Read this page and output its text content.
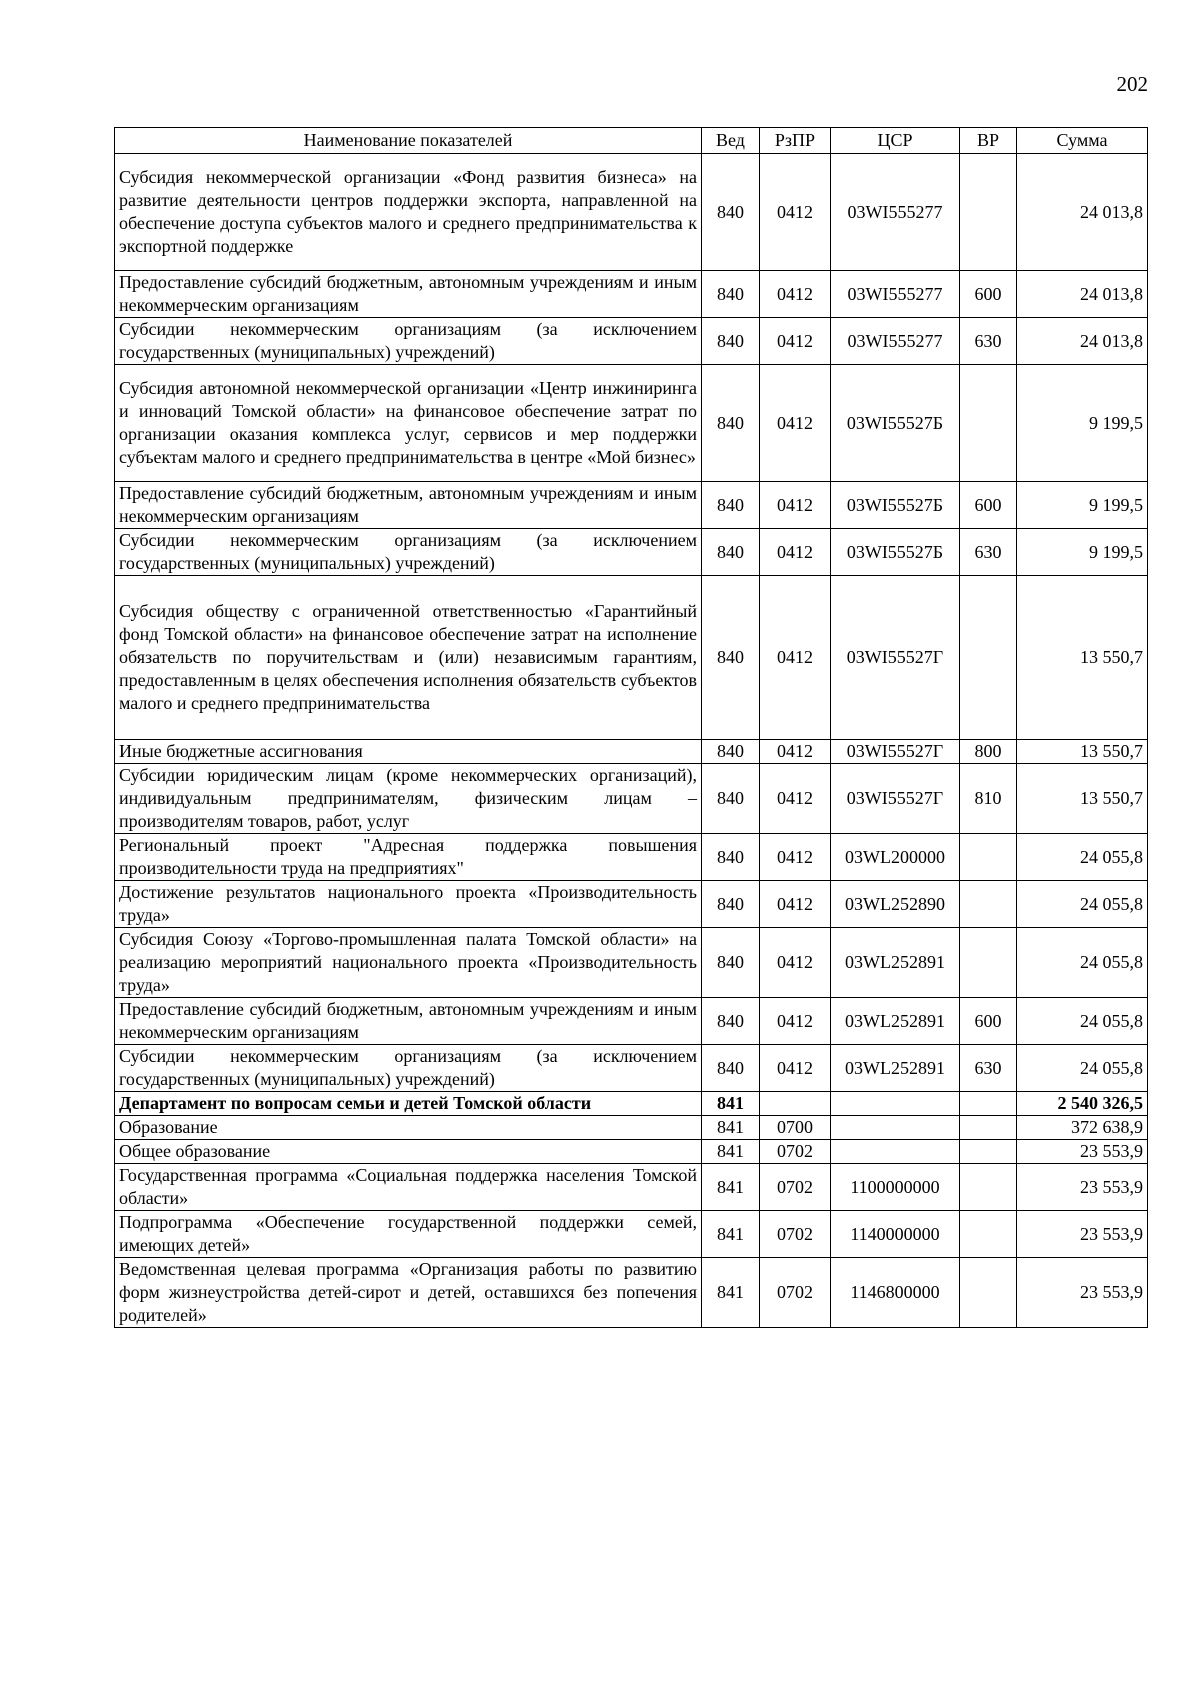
202
Наименование показателей	Вед	РзПР	ЦСР	ВР	Сумма
Субсидия некоммерческой организации «Фонд развития бизнеса» на развитие деятельности центров поддержки экспорта, направленной на обеспечение доступа субъектов малого и среднего предпринимательства к экспортной поддержке	840	0412	03WI555277		24 013,8
Предоставление субсидий бюджетным, автономным учреждениям и иным некоммерческим организациям	840	0412	03WI555277	600	24 013,8
Субсидии некоммерческим организациям (за исключением государственных (муниципальных) учреждений)	840	0412	03WI555277	630	24 013,8
Субсидия автономной некоммерческой организации «Центр инжиниринга и инноваций Томской области» на финансовое обеспечение затрат по организации оказания комплекса услуг, сервисов и мер поддержки субъектам малого и среднего предпринимательства в центре «Мой бизнес»	840	0412	03WI55527Б		9 199,5
Предоставление субсидий бюджетным, автономным учреждениям и иным некоммерческим организациям	840	0412	03WI55527Б	600	9 199,5
Субсидии некоммерческим организациям (за исключением государственных (муниципальных) учреждений)	840	0412	03WI55527Б	630	9 199,5
Субсидия обществу с ограниченной ответственностью «Гарантийный фонд Томской области» на финансовое обеспечение затрат на исполнение обязательств по поручительствам и (или) независимым гарантиям, предоставленным в целях обеспечения исполнения обязательств субъектов малого и среднего предпринимательства	840	0412	03WI55527Г		13 550,7
Иные бюджетные ассигнования	840	0412	03WI55527Г	800	13 550,7
Субсидии юридическим лицам (кроме некоммерческих организаций), индивидуальным предпринимателям, физическим лицам – производителям товаров, работ, услуг	840	0412	03WI55527Г	810	13 550,7
Региональный проект "Адресная поддержка повышения производительности труда на предприятиях"	840	0412	03WL200000		24 055,8
Достижение результатов национального проекта «Производительность труда»	840	0412	03WL252890		24 055,8
Субсидия Союзу «Торгово-промышленная палата Томской области» на реализацию мероприятий национального проекта «Производительность труда»	840	0412	03WL252891		24 055,8
Предоставление субсидий бюджетным, автономным учреждениям и иным некоммерческим организациям	840	0412	03WL252891	600	24 055,8
Субсидии некоммерческим организациям (за исключением государственных (муниципальных) учреждений)	840	0412	03WL252891	630	24 055,8
Департамент по вопросам семьи и детей Томской области	841				2 540 326,5
Образование	841	0700			372 638,9
Общее образование	841	0702			23 553,9
Государственная программа «Социальная поддержка населения Томской области»	841	0702	1100000000		23 553,9
Подпрограмма «Обеспечение государственной поддержки семей, имеющих детей»	841	0702	1140000000		23 553,9
Ведомственная целевая программа «Организация работы по развитию форм жизнеустройства детей-сирот и детей, оставшихся без попечения родителей»	841	0702	1146800000		23 553,9
